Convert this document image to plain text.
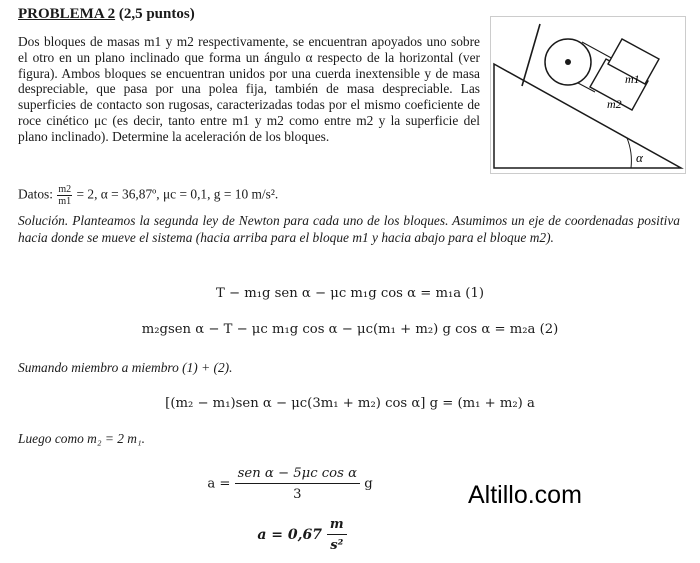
PROBLEMA 2 (2,5 puntos)
Dos bloques de masas m1 y m2 respectivamente, se encuentran apoyados uno sobre el otro en un plano inclinado que forma un ángulo α respecto de la horizontal (ver figura). Ambos bloques se encuentran unidos por una cuerda inextensible y de masa despreciable, que pasa por una polea fija, también de masa despreciable. Las superficies de contacto son rugosas, caracterizadas todas por el mismo coeficiente de roce cinético μc (es decir, tanto entre m1 y m2 como entre m2 y la superficie del plano inclinado). Determine la aceleración de los bloques.
m1
m2
α
Datos: $\frac{m2}{m1} = 2$, α = 36,87º, μc = 0,1, g = 10 m/s².
Solución. Planteamos la segunda ley de Newton para cada uno de los bloques. Asumimos un eje de coordenadas positiva hacia donde se mueve el sistema (hacia arriba para el bloque m1 y hacia abajo para el bloque m2).
T − m₁g sen α − μc m₁g cos α = m₁a (1)
m₂gsen α − T − μc m₁g cos α − μc(m₁ + m₂) g cos α = m₂a (2)
Sumando miembro a miembro (1) + (2).
[(m₂ − m₁)sen α − μc(3m₁ + m₂) cos α] g = (m₁ + m₂) a
Luego como m₂ = 2 m₁.
$a = \frac{\text{sen α − 5μc cos α}}{3}$ g
$a = 0,67 \frac{m}{\text{s²}}$
Altillo.com
